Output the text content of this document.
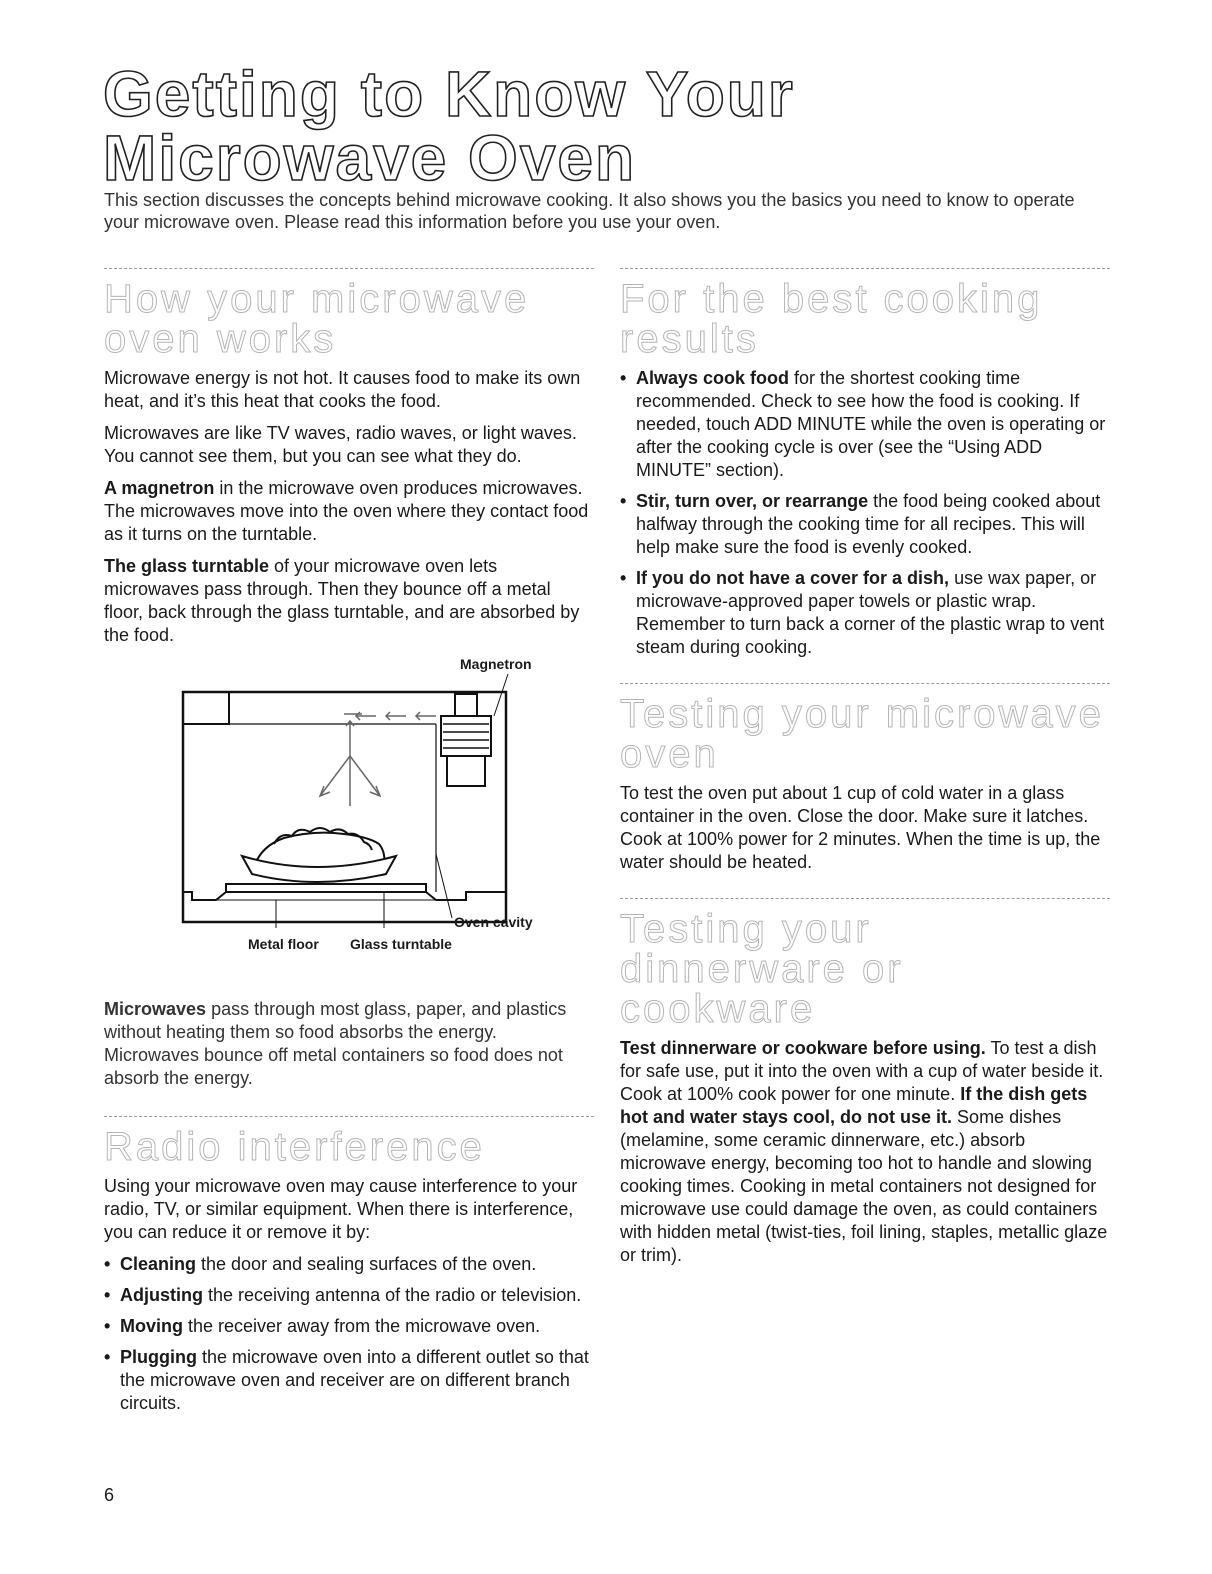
Getting to Know Your
Microwave Oven

This section discusses the concepts behind microwave cooking. It also shows you the basics you need to know to operate your microwave oven. Please read this information before you use your oven.

How your microwave oven works

Microwave energy is not hot. It causes food to make its own heat, and it’s this heat that cooks the food.

Microwaves are like TV waves, radio waves, or light waves. You cannot see them, but you can see what they do.

A magnetron in the microwave oven produces microwaves. The microwaves move into the oven where they contact food as it turns on the turntable.

The glass turntable of your microwave oven lets microwaves pass through. Then they bounce off a metal floor, back through the glass turntable, and are absorbed by the food.

Magnetron
Oven cavity
Metal floor Glass turntable

Microwaves pass through most glass, paper, and plastics without heating them so food absorbs the energy. Microwaves bounce off metal containers so food does not absorb the energy.

Radio interference

Using your microwave oven may cause interference to your radio, TV, or similar equipment. When there is interference, you can reduce it or remove it by:

• Cleaning the door and sealing surfaces of the oven.
• Adjusting the receiving antenna of the radio or television.
• Moving the receiver away from the microwave oven.
• Plugging the microwave oven into a different outlet so that the microwave oven and receiver are on different branch circuits.
For the best cooking results
• Always cook food for the shortest cooking time recommended. Check to see how the food is cooking. If needed, touch ADD MINUTE while the oven is operating or after the cooking cycle is over (see the “Using ADD MINUTE” section).
• Stir, turn over, or rearrange the food being cooked about halfway through the cooking time for all recipes. This will help make sure the food is evenly cooked.
• If you do not have a cover for a dish, use wax paper, or microwave-approved paper towels or plastic wrap. Remember to turn back a corner of the plastic wrap to vent steam during cooking.
Testing your microwave oven

To test the oven put about 1 cup of cold water in a glass container in the oven. Close the door. Make sure it latches. Cook at 100% power for 2 minutes. When the time is up, the water should be heated.

Testing your dinnerware or cookware

Test dinnerware or cookware before using. To test a dish for safe use, put it into the oven with a cup of water beside it. Cook at 100% cook power for one minute. If the dish gets hot and water stays cool, do not use it. Some dishes (melamine, some ceramic dinnerware, etc.) absorb microwave energy, becoming too hot to handle and slowing cooking times. Cooking in metal containers not designed for microwave use could damage the oven, as could containers with hidden metal (twist-ties, foil lining, staples, metallic glaze or trim).

6
